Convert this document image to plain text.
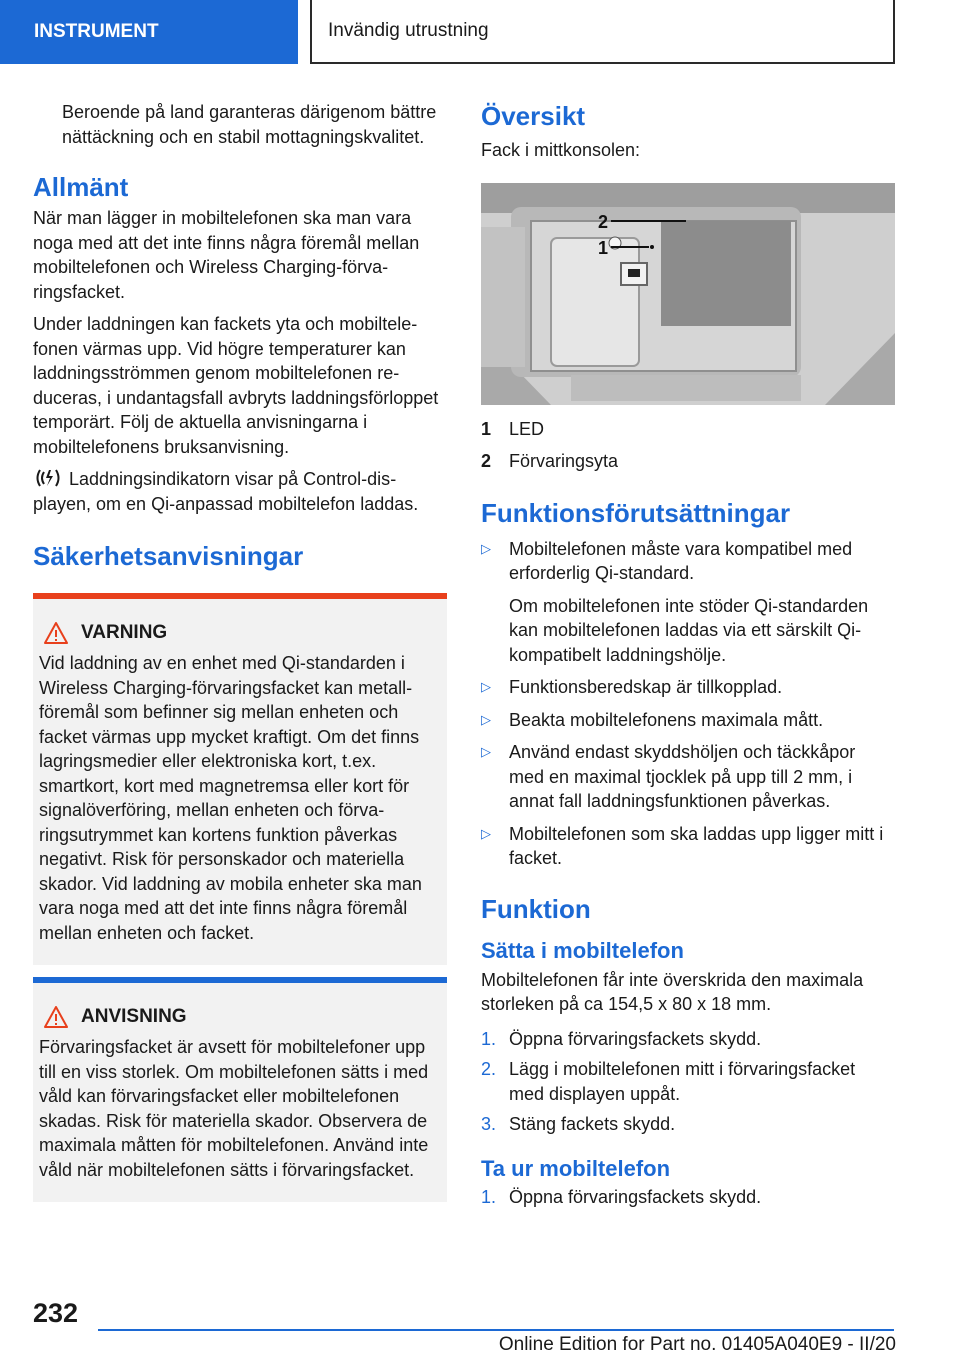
INSTRUMENT	Invändig utrustning

Beroende på land garanteras därigenom bättre nättäckning och en stabil mottagningskvalitet.

Allmänt

När man lägger in mobiltelefonen ska man vara noga med att det inte finns några föremål mellan mobiltelefonen och Wireless Charging-förvaringsfacket.

Under laddningen kan fackets yta och mobiltelefonen värmas upp. Vid högre temperaturer kan laddningsströmmen genom mobiltelefonen reduceras, i undantagsfall avbryts laddningsförloppet temporärt. Följ de aktuella anvisningarna i mobiltelefonens bruksanvisning.

Laddningsindikatorn visar på Control-displayen, om en Qi-anpassad mobiltelefon laddas.

Säkerhetsanvisningar
VARNING

Vid laddning av en enhet med Qi-standarden i Wireless Charging-förvaringsfacket kan metallföremål som befinner sig mellan enheten och facket värmas upp mycket kraftigt. Om det finns lagringsmedier eller elektroniska kort, t.ex. smartkort, kort med magnetremsa eller kort för signalöverföring, mellan enheten och förvaringsutrymmet kan kortens funktion påverkas negativt. Risk för personskador och materiella skador. Vid laddning av mobila enheter ska man vara noga med att det inte finns några föremål mellan enheten och facket.

ANVISNING

Förvaringsfacket är avsett för mobiltelefoner upp till en viss storlek. Om mobiltelefonen sätts i med våld kan förvaringsfacket eller mobiltelefonen skadas. Risk för materiella skador. Observera de maximala måtten för mobiltelefonen. Använd inte våld när mobiltelefonen sätts i förvaringsfacket.

Översikt

Fack i mittkonsolen:

2
1
1 LED
2 Förvaringsyta
Funktionsförutsättningar
▷ Mobiltelefonen måste vara kompatibel med erforderlig Qi-standard.
Om mobiltelefonen inte stöder Qi-standarden kan mobiltelefonen laddas via ett särskilt Qi-kompatibelt laddningshölje.
▷ Funktionsberedskap är tillkopplad.
▷ Beakta mobiltelefonens maximala mått.
▷ Använd endast skyddshöljen och täckkåpor med en maximal tjocklek på upp till 2 mm, i annat fall laddningsfunktionen påverkas.
▷ Mobiltelefonen som ska laddas upp ligger mitt i facket.
Funktion
Sätta i mobiltelefon

Mobiltelefonen får inte överskrida den maximala storleken på ca 154,5 x 80 x 18 mm.

1. Öppna förvaringsfackets skydd.
2. Lägg i mobiltelefonen mitt i förvaringsfacket med displayen uppåt.
3. Stäng fackets skydd.
Ta ur mobiltelefon
1. Öppna förvaringsfackets skydd.
232
Online Edition for Part no. 01405A040E9 - II/20
